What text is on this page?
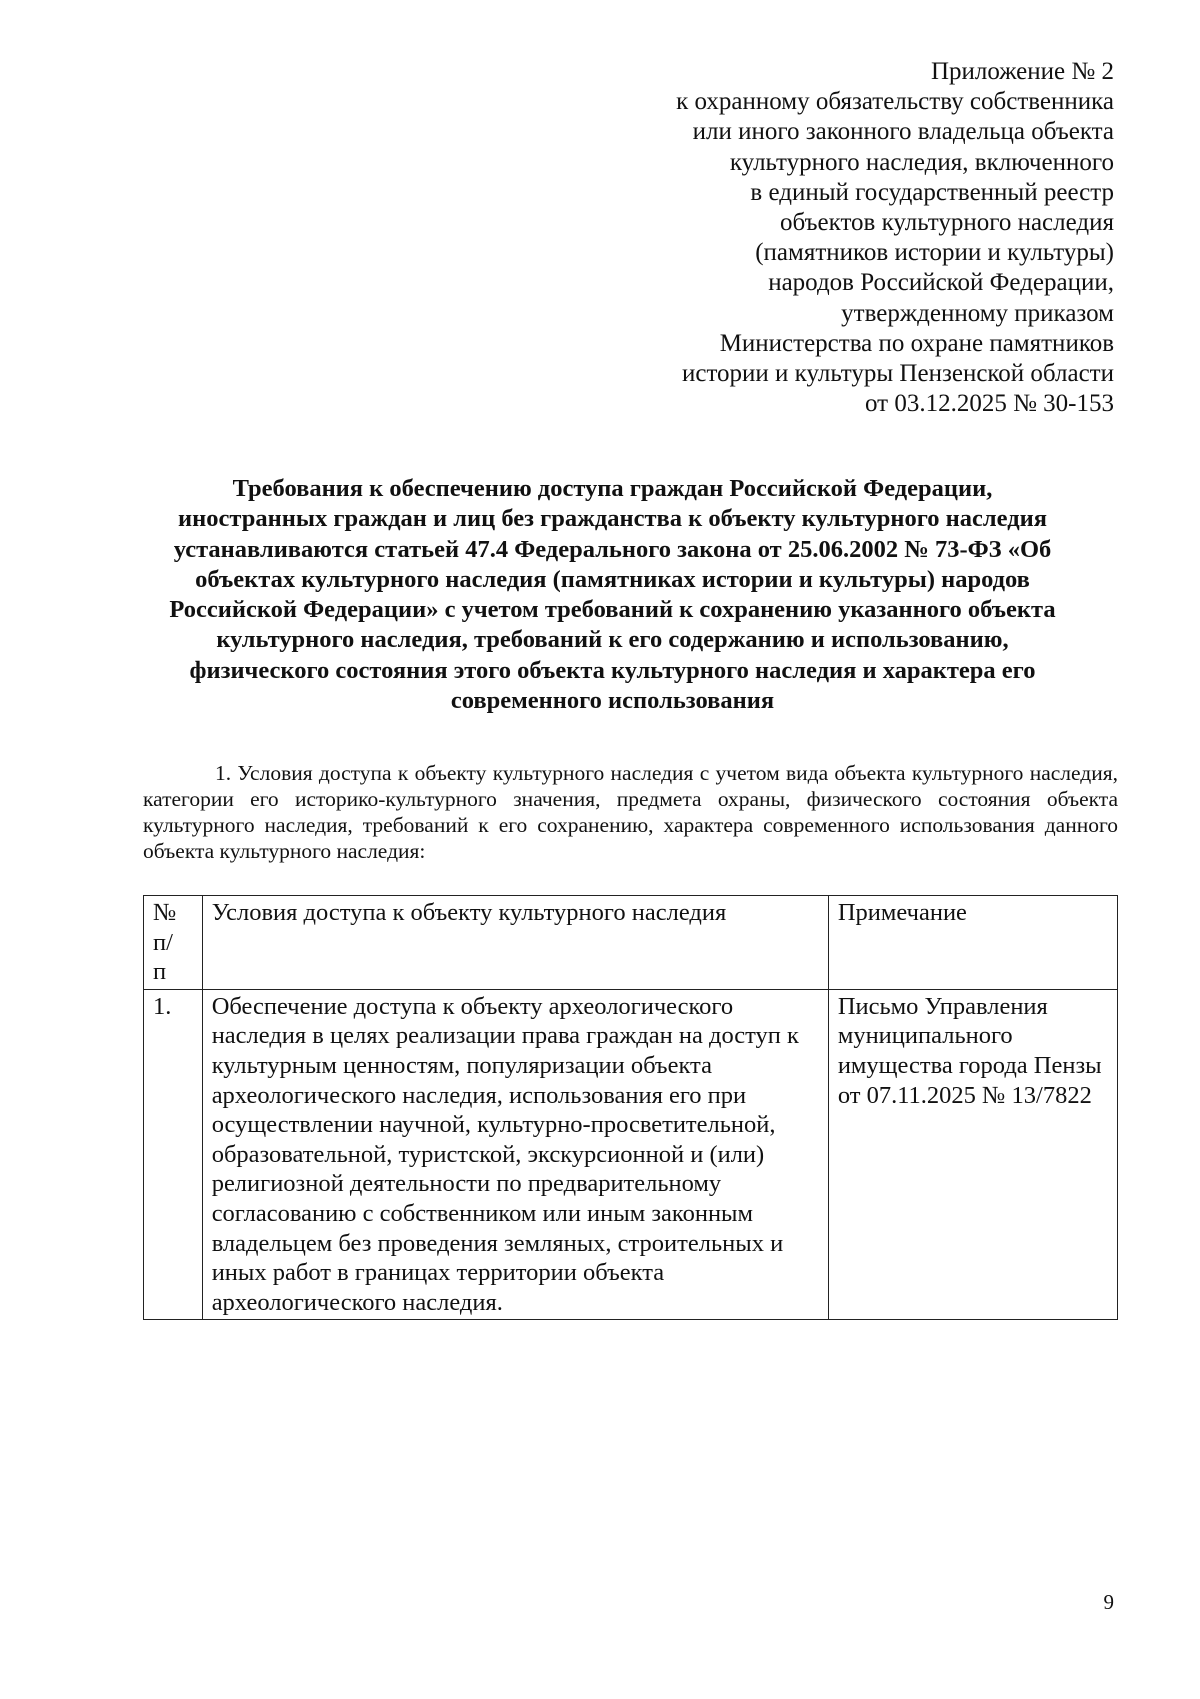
Приложение № 2
к охранному обязательству собственника
или иного законного владельца объекта
культурного наследия, включенного
в единый государственный реестр
объектов культурного наследия
(памятников истории и культуры)
народов Российской Федерации,
утвержденному приказом
Министерства по охране памятников
истории и культуры Пензенской области
от 03.12.2025 № 30-153
Требования к обеспечению доступа граждан Российской Федерации,
иностранных граждан и лиц без гражданства к объекту культурного наследия
устанавливаются статьей 47.4 Федерального закона от 25.06.2002 № 73-ФЗ «Об
объектах культурного наследия (памятниках истории и культуры) народов
Российской Федерации» с учетом требований к сохранению указанного объекта
культурного наследия, требований к его содержанию и использованию,
физического состояния этого объекта культурного наследия и характера его
современного использования
1. Условия доступа к объекту культурного наследия с учетом вида объекта культурного наследия, категории его историко-культурного значения, предмета охраны, физического состояния объекта культурного наследия, требований к его сохранению, характера современного использования данного объекта культурного наследия:
№
п/
п	Условия доступа к объекту культурного наследия	Примечание
1.	Обеспечение доступа к объекту археологического наследия в целях реализации права граждан на доступ к культурным ценностям, популяризации объекта археологического наследия, использования его при осуществлении научной, культурно-просветительной, образовательной, туристской, экскурсионной и (или) религиозной деятельности по предварительному согласованию с собственником или иным законным владельцем без проведения земляных, строительных и иных работ в границах территории объекта археологического наследия.	Письмо Управления муниципального имущества города Пензы от 07.11.2025 № 13/7822
9
